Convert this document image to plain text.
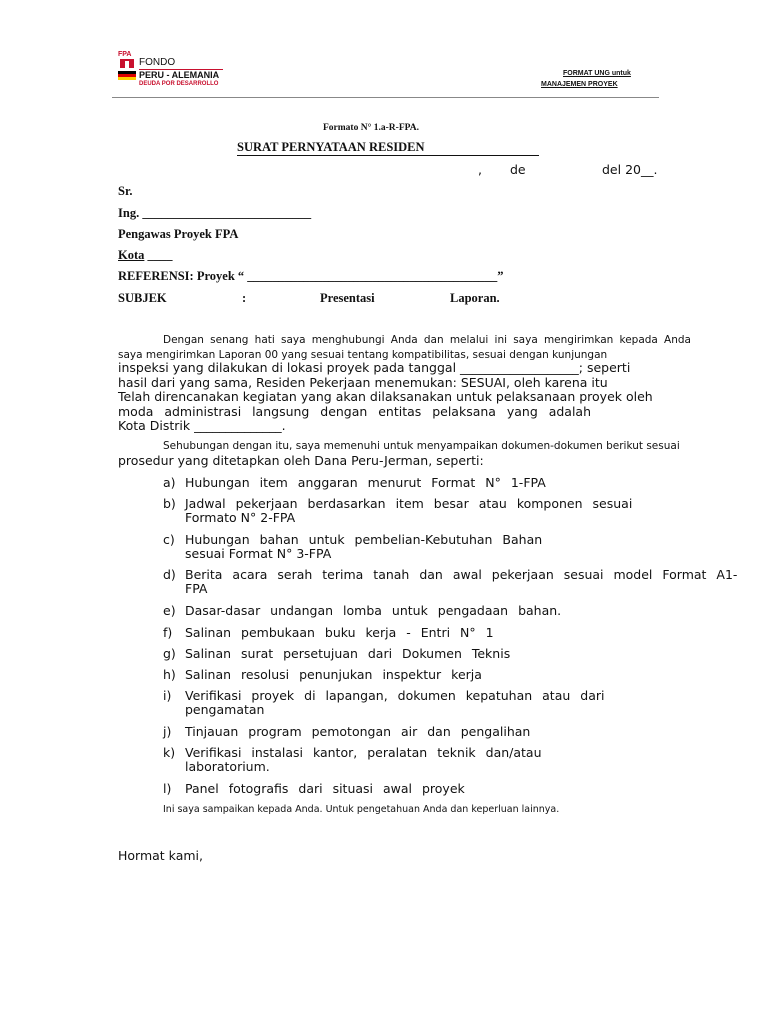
FPA
FONDO
PERU - ALEMANIA
DEUDA POR DESARROLLO
FORMAT UNG untuk
MANAJEMEN PROYEK
Formato N° 1.a-R-FPA.
SURAT PERNYATAAN RESIDEN
, de	del 20__.
Sr.
Ing. ___________________________
Pengawas Proyek FPA
Kota ____
REFERENSI: Proyek “ ________________________________________”
SUBJEK	:	Presentasi	Laporan.
Dengan senang hati saya menghubungi Anda dan melalui ini saya mengirimkan kepada Anda
saya mengirimkan Laporan 00 yang sesuai tentang kompatibilitas, sesuai dengan kunjungan
inspeksi yang dilakukan di lokasi proyek pada tanggal ___________________; seperti
hasil dari yang sama, Residen Pekerjaan menemukan: SESUAI, oleh karena itu
Telah direncanakan kegiatan yang akan dilaksanakan untuk pelaksanaan proyek oleh
moda administrasi langsung dengan entitas pelaksana yang adalah
Kota Distrik ______________.
Sehubungan dengan itu, saya memenuhi untuk menyampaikan dokumen-dokumen berikut sesuai
prosedur yang ditetapkan oleh Dana Peru-Jerman, seperti:
a) Hubungan item anggaran menurut Format N° 1-FPA
b) Jadwal pekerjaan berdasarkan item besar atau komponen sesuai
Formato N° 2-FPA
c) Hubungan bahan untuk pembelian-Kebutuhan Bahan
sesuai Format N° 3-FPA
d) Berita acara serah terima tanah dan awal pekerjaan sesuai model Format A1-
FPA
e) Dasar-dasar undangan lomba untuk pengadaan bahan.
f) Salinan pembukaan buku kerja - Entri N° 1
g) Salinan surat persetujuan dari Dokumen Teknis
h) Salinan resolusi penunjukan inspektur kerja
i) Verifikasi proyek di lapangan, dokumen kepatuhan atau dari
pengamatan
j) Tinjauan program pemotongan air dan pengalihan
k) Verifikasi instalasi kantor, peralatan teknik dan/atau
laboratorium.
l) Panel fotografis dari situasi awal proyek
Ini saya sampaikan kepada Anda. Untuk pengetahuan Anda dan keperluan lainnya.
Hormat kami,
